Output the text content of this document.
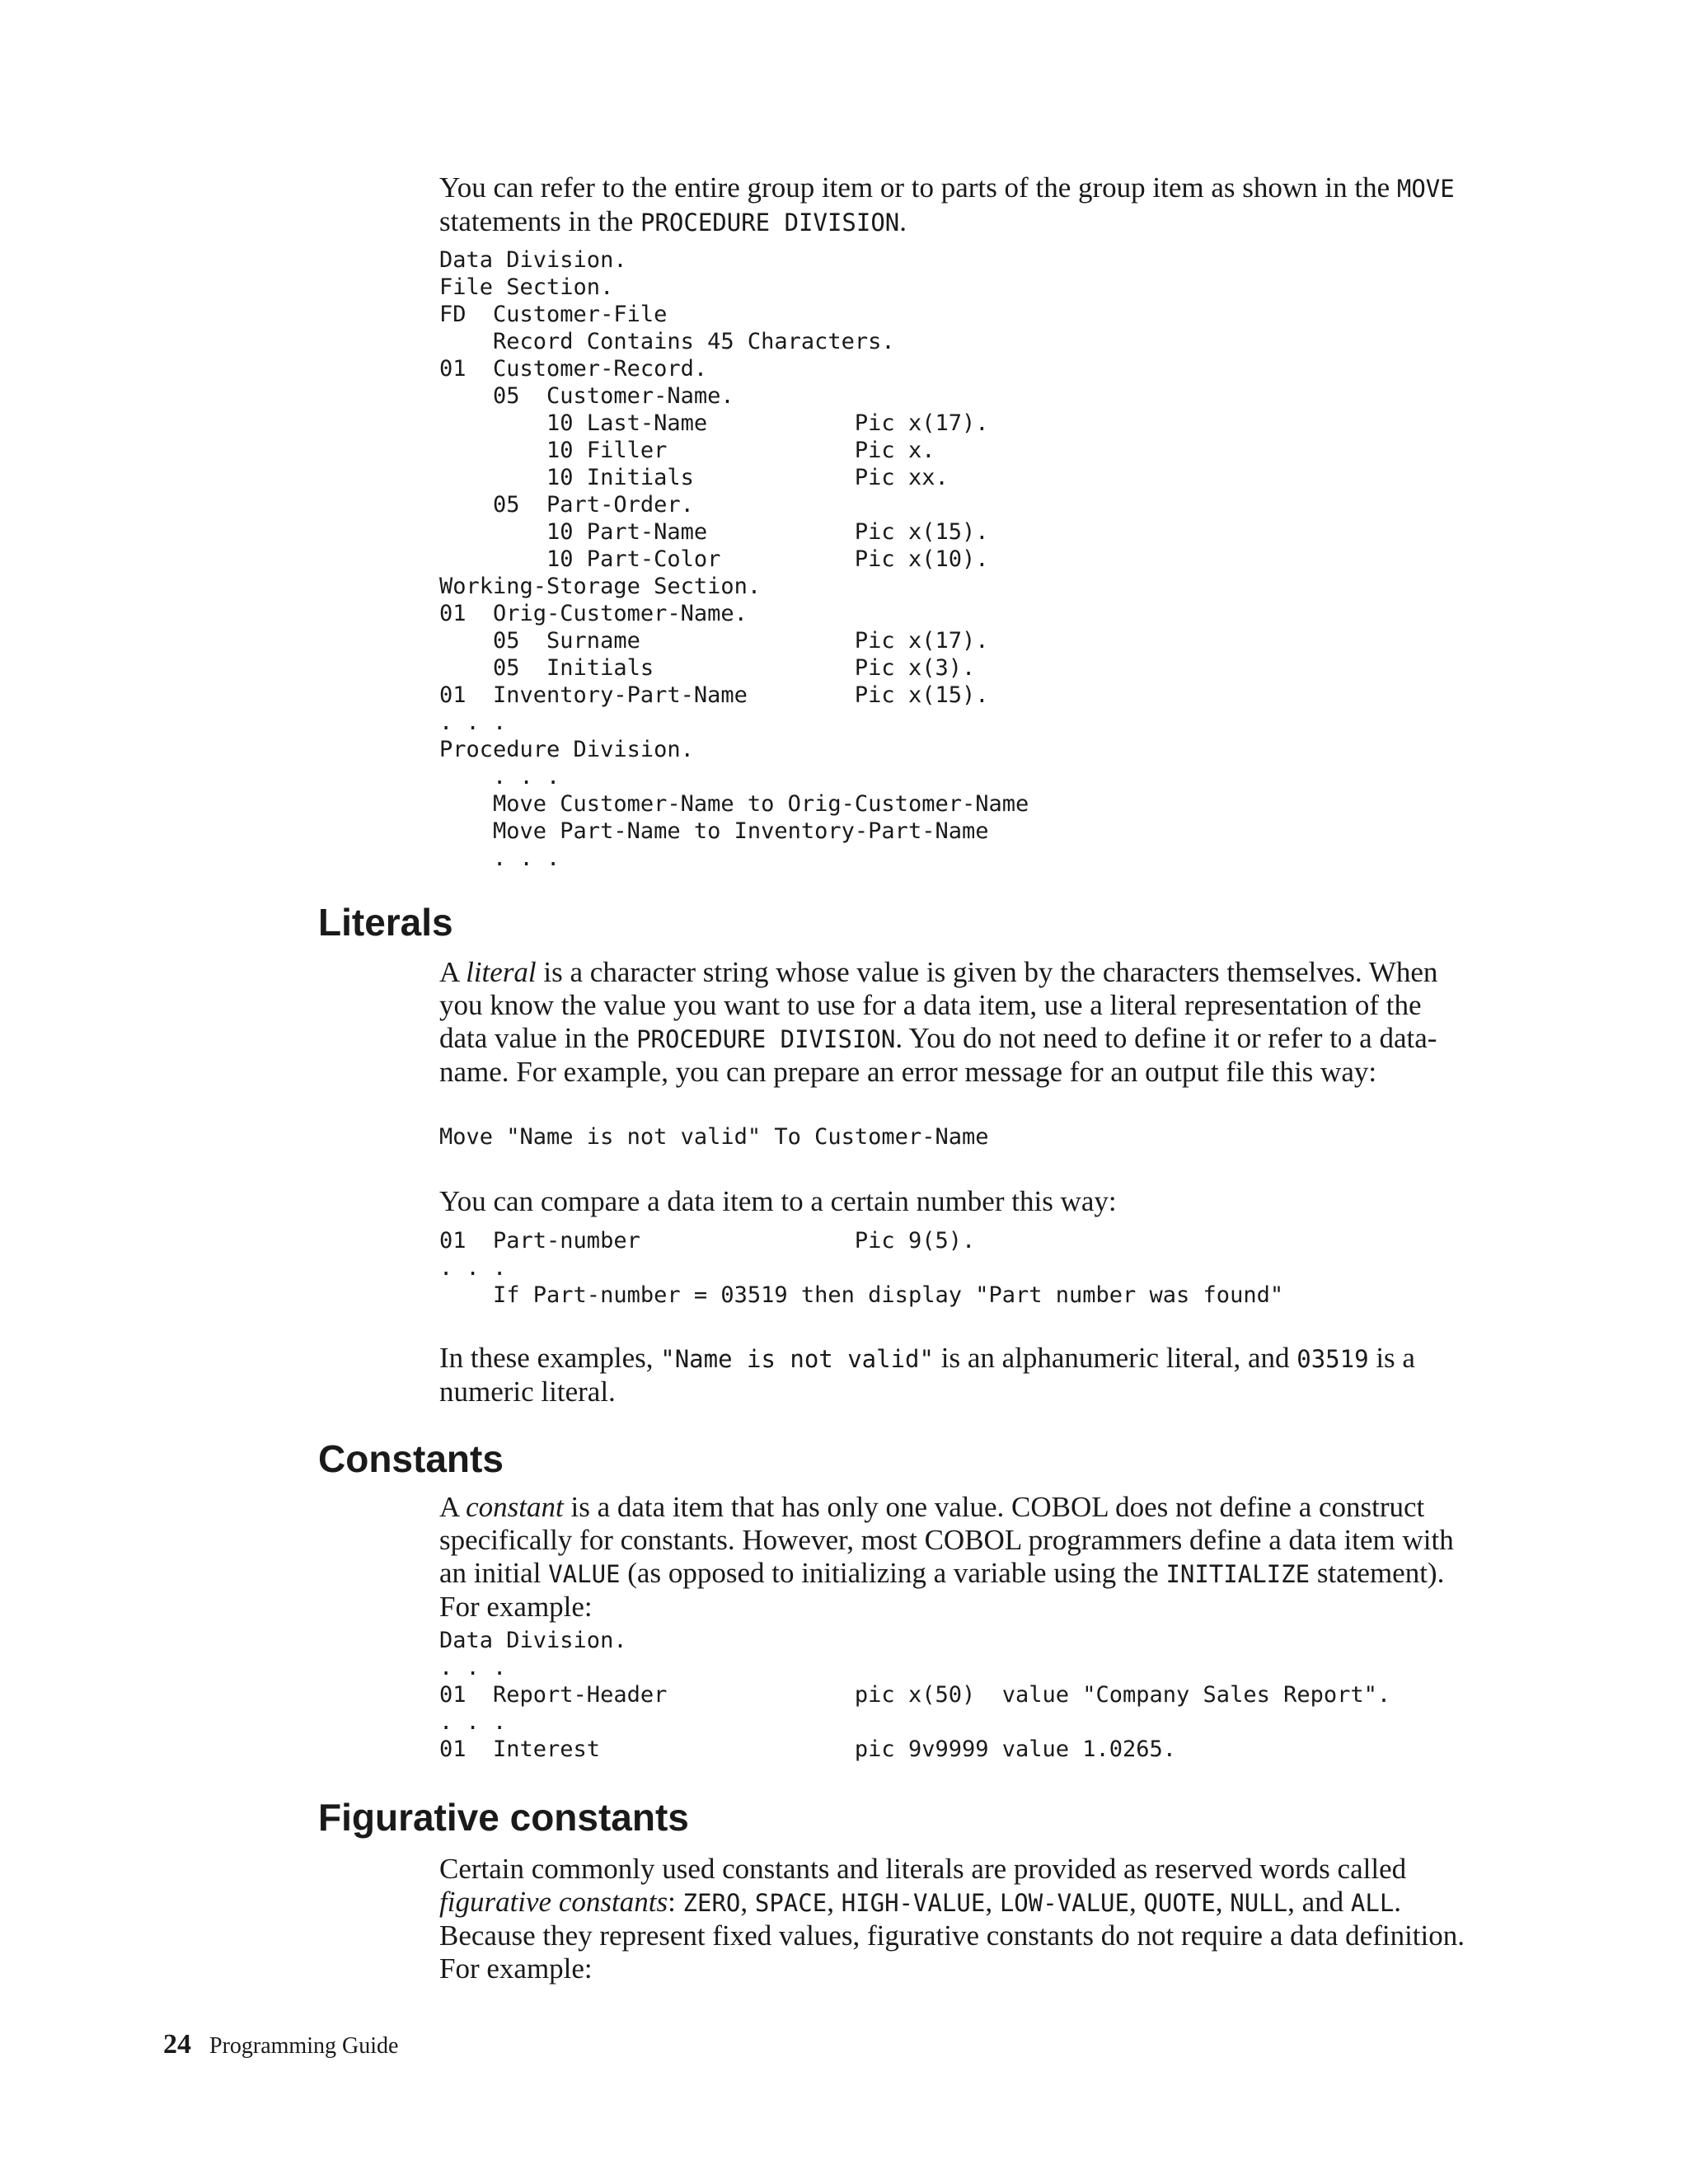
You can refer to the entire group item or to parts of the group item as shown in the MOVE statements in the PROCEDURE DIVISION.

Data Division.
File Section.
FD  Customer-File
Record Contains 45 Characters.
01  Customer-Record.
05  Customer-Name.
10 Last-Name           Pic x(17).
10 Filler              Pic x.
10 Initials            Pic xx.
05  Part-Order.
10 Part-Name           Pic x(15).
10 Part-Color          Pic x(10).
Working-Storage Section.
01  Orig-Customer-Name.
05  Surname                Pic x(17).
05  Initials               Pic x(3).
01  Inventory-Part-Name        Pic x(15).
. . .
Procedure Division.
. . .
Move Customer-Name to Orig-Customer-Name
Move Part-Name to Inventory-Part-Name
. . .
Literals

A literal is a character string whose value is given by the characters themselves. When you know the value you want to use for a data item, use a literal representation of the data value in the PROCEDURE DIVISION. You do not need to define it or refer to a data-name. For example, you can prepare an error message for an output file this way:

Move "Name is not valid" To Customer-Name

You can compare a data item to a certain number this way:

01  Part-number                Pic 9(5).
. . .
If Part-number = 03519 then display "Part number was found"

In these examples, "Name is not valid" is an alphanumeric literal, and 03519 is a numeric literal.

Constants

A constant is a data item that has only one value. COBOL does not define a construct specifically for constants. However, most COBOL programmers define a data item with an initial VALUE (as opposed to initializing a variable using the INITIALIZE statement). For example:

Data Division.
. . .
01  Report-Header              pic x(50)  value "Company Sales Report".
. . .
01  Interest                   pic 9v9999 value 1.0265.
Figurative constants

Certain commonly used constants and literals are provided as reserved words called figurative constants: ZERO, SPACE, HIGH-VALUE, LOW-VALUE, QUOTE, NULL, and ALL. Because they represent fixed values, figurative constants do not require a data definition. For example:

24 Programming Guide
